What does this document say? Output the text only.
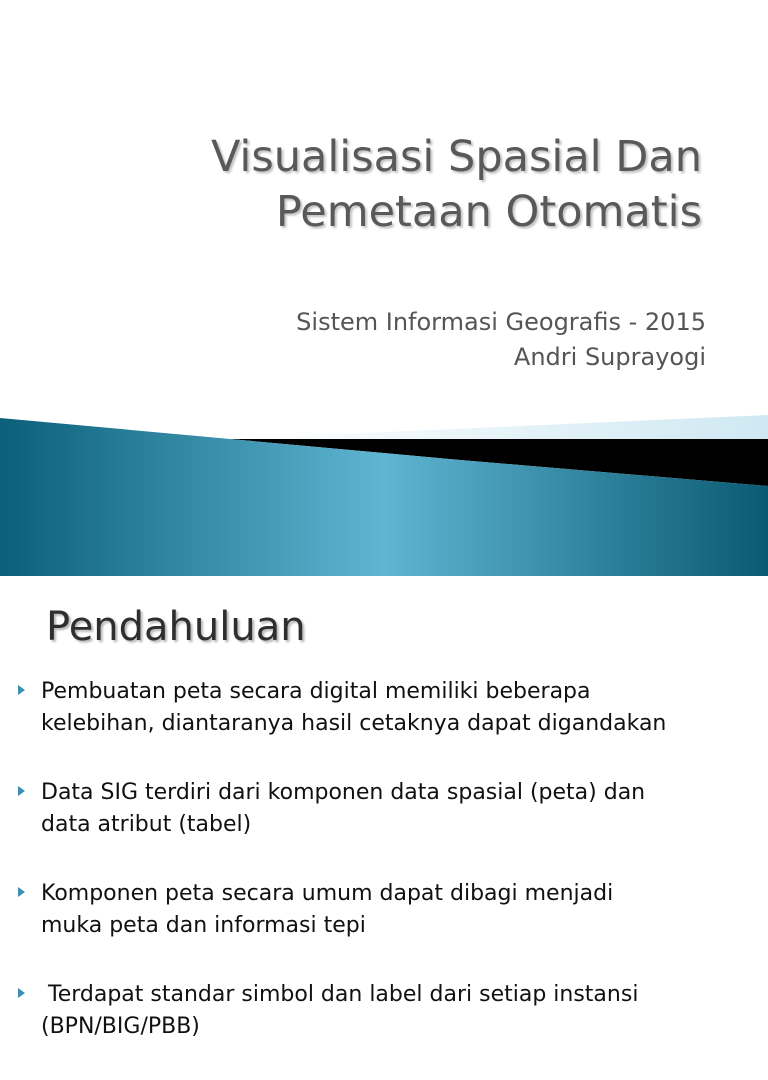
Visualisasi Spasial Dan
Pemetaan Otomatis
Sistem Informasi Geografis - 2015
Andri Suprayogi
Pendahuluan
Pembuatan peta secara digital memiliki beberapa
kelebihan, diantaranya hasil cetaknya dapat digandakan
Data SIG terdiri dari komponen data spasial (peta) dan
data atribut (tabel)
Komponen peta secara umum dapat dibagi menjadi
muka peta dan informasi tepi
Terdapat standar simbol dan label dari setiap instansi
(BPN/BIG/PBB)
